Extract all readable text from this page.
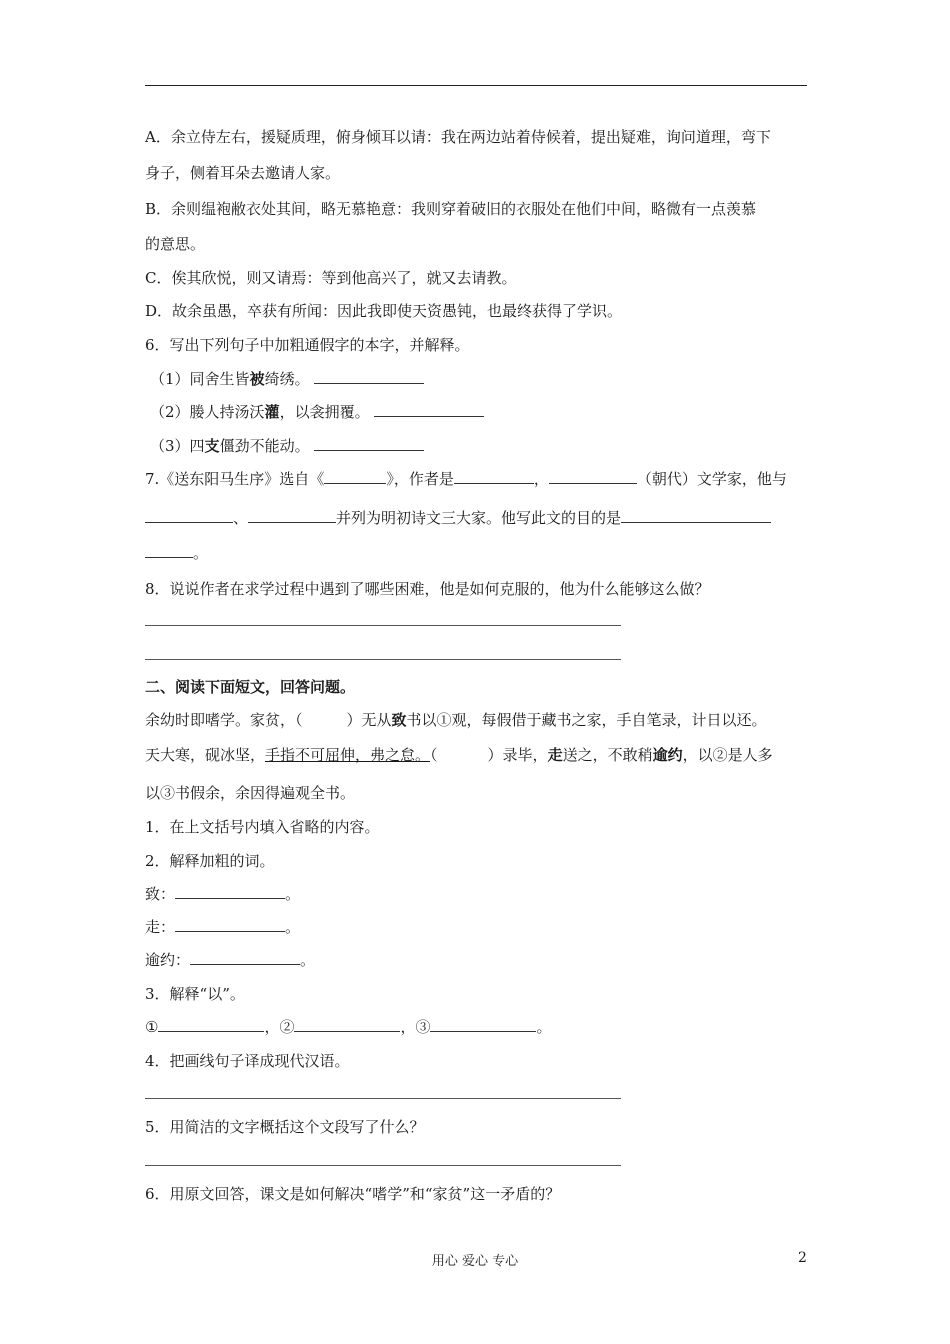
A．余立侍左右，援疑质理，俯身倾耳以请：我在两边站着侍候着，提出疑难，询问道理，弯下
身子，侧着耳朵去邀请人家。
B．余则缊袍敝衣处其间，略无慕艳意：我则穿着破旧的衣服处在他们中间，略微有一点羡慕
的意思。
C．俟其欣悦，则又请焉：等到他高兴了，就又去请教。
D．故余虽愚，卒获有所闻：因此我即使天资愚钝，也最终获得了学识。
6．写出下列句子中加粗通假字的本字，并解释。
（1）同舍生皆被绮绣。
（2）媵人持汤沃灌，以衾拥覆。
（3）四支僵劲不能动。
7.《送东阳马生序》选自《	》，作者是	，	（朝代）文学家，他与
、	并列为明初诗文三大家。他写此文的目的是
。
8．说说作者在求学过程中遇到了哪些困难，他是如何克服的，他为什么能够这么做？
二、阅读下面短文，回答问题。
余幼时即嗜学。家贫，（	）无从致书以①观，每假借于藏书之家，手自笔录，计日以还。
天大寒，砚冰坚，手指不可屈伸，弗之怠。（	）录毕，走送之，不敢稍逾约，以②是人多
以③书假余，余因得遍观全书。
1．在上文括号内填入省略的内容。
2．解释加粗的词。
致：	。
走：	。
逾约：	。
3．解释“以”。
①	，②	，③	。
4．把画线句子译成现代汉语。
5．用简洁的文字概括这个文段写了什么？
6．用原文回答，课文是如何解决“嗜学”和“家贫”这一矛盾的？
用心 爱心 专心	2
